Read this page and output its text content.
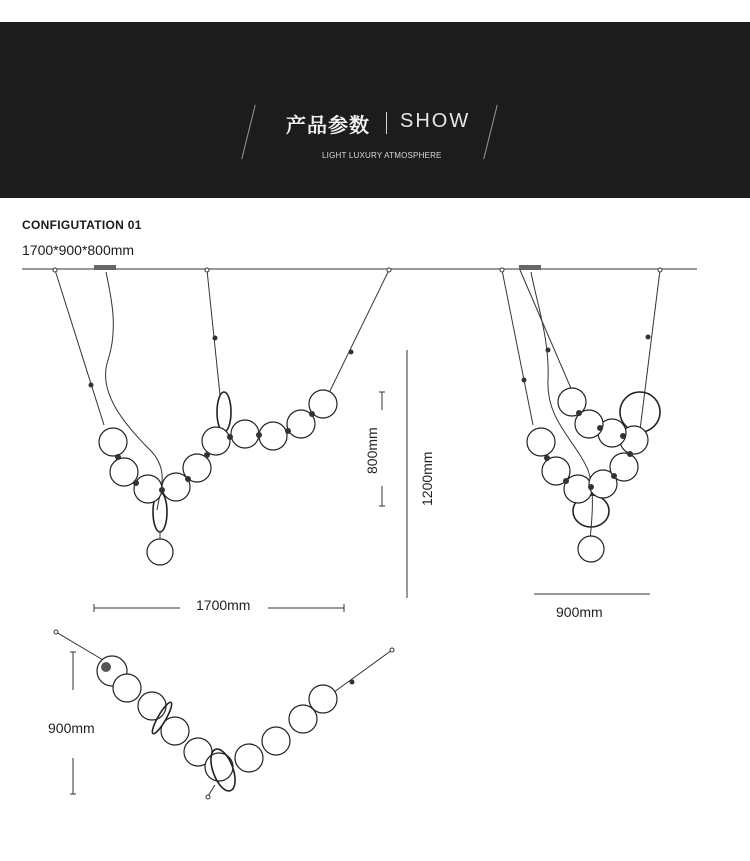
产品参数 SHOW
LIGHT LUXURY ATMOSPHERE
CONFIGUTATION 01
1700*900*800mm
1700mm
800mm
1200mm
900mm
900mm
